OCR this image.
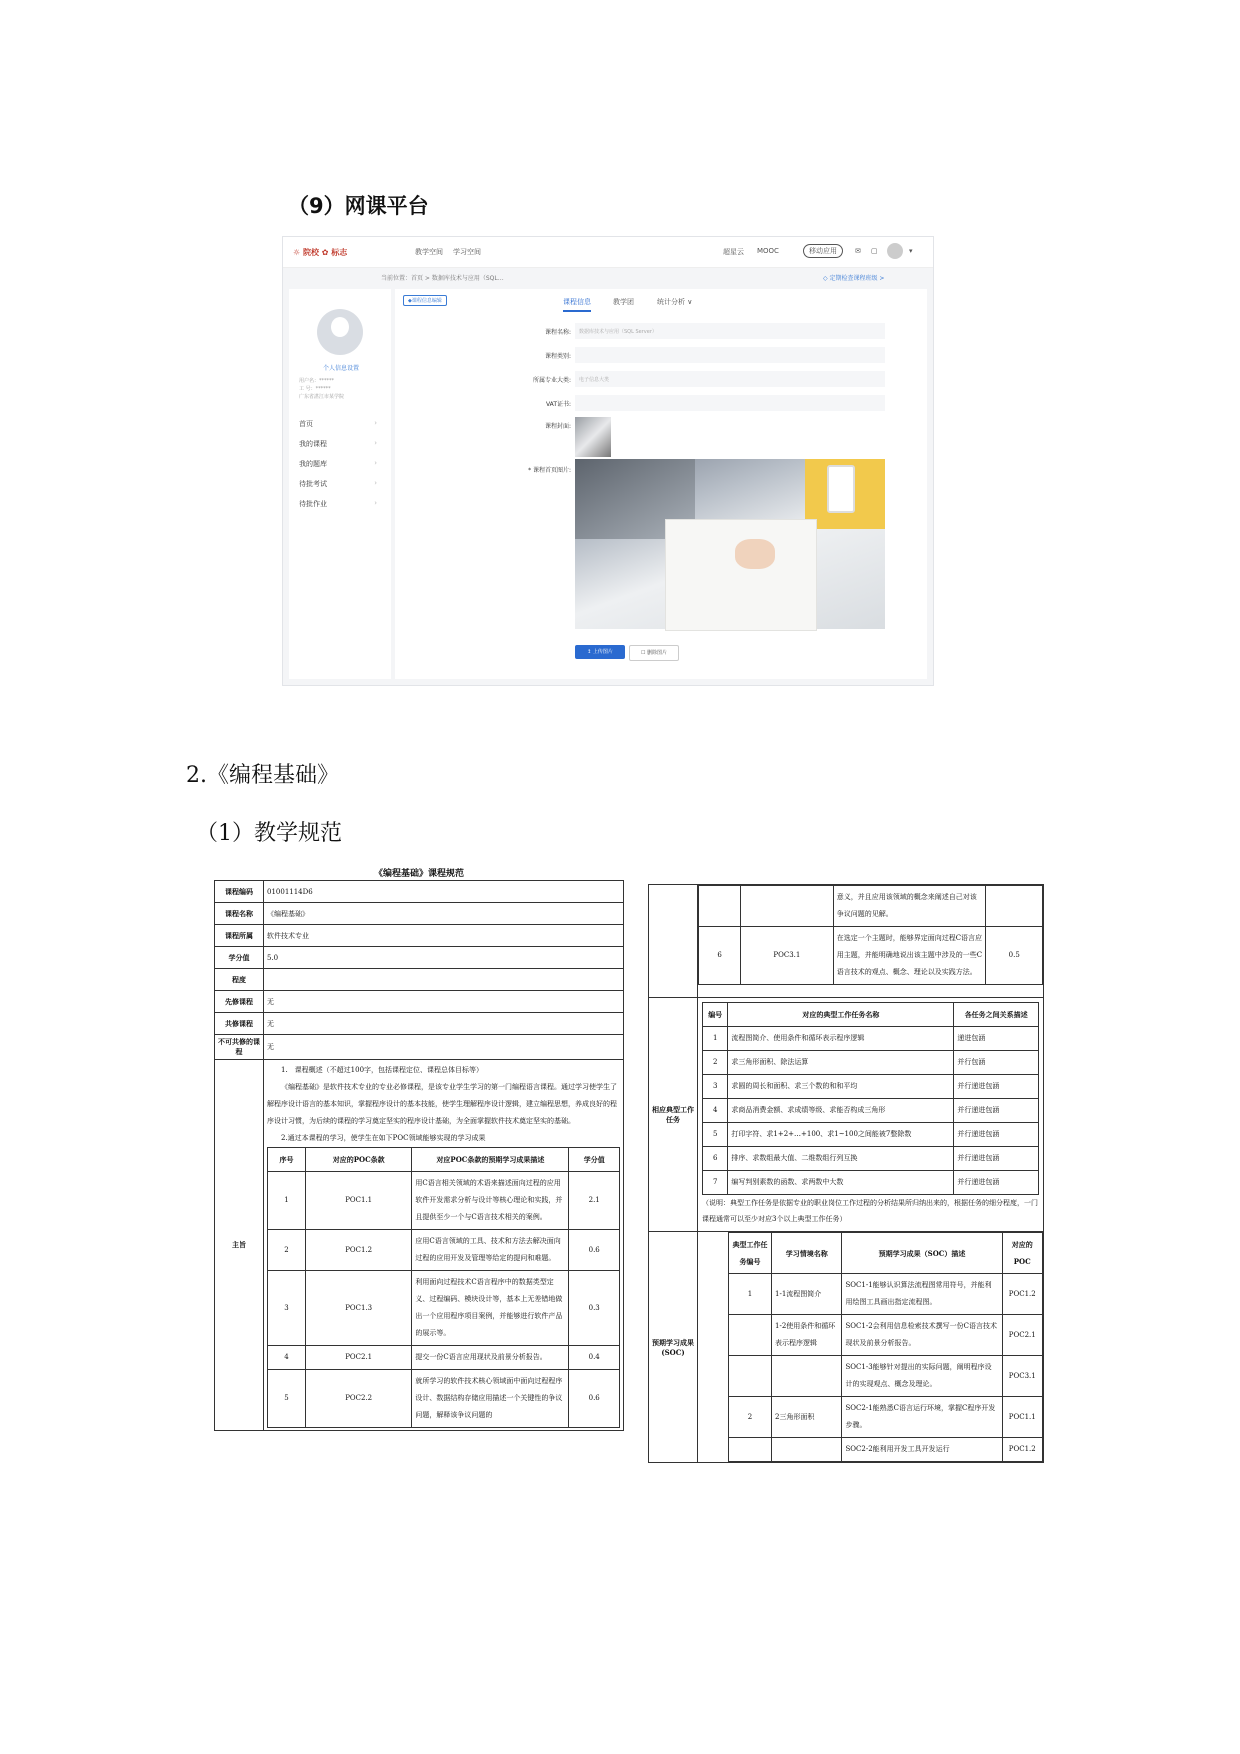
（9）网课平台
☼ 院校 ✿ 标志	教学空间 学习空间	超星云 MOOC	移动应用	✉ ▢	▾
当前位置：首页 > 数据库技术与应用（SQL…	◇ 定期检查课程班级 >
个人信息设置
用户名：******
工 号：******
广东省湛江市某学院
首页	›
我的课程	›
我的题库	›
待批考试	›
待批作业	›
◆课程信息编辑	课程信息	教学团	统计分析 ∨
课程名称: 数据库技术与应用（SQL Server）
课程类别:
所属专业大类: 电子信息大类
VAT证书:
课程封面:
* 课程首页图片:
↥ 上传图片	☐ 删除图片
2.《编程基础》
（1）教学规范
《编程基础》课程规范
课程编码	01001114D6
课程名称	《编程基础》
课程所属	软件技术专业
学分值	5.0
程度	
先修课程	无
共修课程	无
不可共修的课程	无
主旨	
1.　课程概述（不超过100字，包括课程定位、课程总体目标等）
《编程基础》是软件技术专业的专业必修课程，是该专业学生学习的第一门编程语言课程。通过学习使学生了解程序设计语言的基本知识，掌握程序设计的基本技能，使学生理解程序设计逻辑，建立编程思想，养成良好的程序设计习惯，为后续的课程的学习奠定坚实的程序设计基础，为全面掌握软件技术奠定坚实的基础。
2.通过本课程的学习，使学生在如下POC领域能够实现的学习成果
序号	对应的POC条款	对应POC条款的预期学习成果描述	学分值
1	POC1.1	用C语言相关领域的术语来描述面向过程的应用软件开发需求分析与设计等核心理论和实践，并且提供至少一个与C语言技术相关的案例。	2.1
2	POC1.2	应用C语言领域的工具、技术和方法去解决面向过程的应用开发及管理等给定的提问和难题。	0.6
3	POC1.3	利用面向过程技术C语言程序中的数据类型定义、过程编码、模块设计等，基本上无差错地做出一个应用程序项目案例，并能够进行软件产品的展示等。	0.3
4	POC2.1	提交一份C语言应用现状及前景分析报告。	0.4
5	POC2.2	就所学习的软件技术核心领域面中面向过程程序设计、数据结构存储应用描述一个关键性的争议问题，解释该争议问题的	0.6

		意义，并且应用该领域的概念来阐述自己对该争议问题的见解。	
6	POC3.1	在选定一个主题时，能够界定面向过程C语言应用主题，并能明确地说出该主题中涉及的一些C语言技术的观点、概念、理论以及实践方法。	0.5

相应典型工作任务	
编号	对应的典型工作任务名称	各任务之间关系描述
1	流程图简介、使用条件和循环表示程序逻辑	递进包涵
2	求三角形面积、除法运算	并行包涵
3	求圆的周长和面积、求三个数的和和平均	并行递进包涵
4	求商品消费金额、求成绩等级、求能否构成三角形	并行递进包涵
5	打印字符、求1+2+…+100、求1~100之间能被7整除数	并行递进包涵
6	排序、求数组最大值、二维数组行列互换	并行递进包涵
7	编写判别素数的函数、求两数中大数	并行递进包涵
（说明：典型工作任务是依据专业的职业岗位工作过程的分析结果所归纳出来的，根据任务的细分程度，一门课程通常可以至少对应3个以上典型工作任务）

预期学习成果(SOC)	
典型工作任务编号	学习情境名称	预期学习成果（SOC）描述	对应的POC
1	1-1流程图简介	SOC1-1能够认识算法流程图常用符号，并能利用绘图工具画出指定流程图。	POC1.2
	1-2使用条件和循环表示程序逻辑	SOC1-2会利用信息检索技术撰写一份C语言技术现状及前景分析报告。	POC2.1
		SOC1-3能够针对提出的实际问题，阐明程序设计的实现观点、概念及理论。	POC3.1
2	2三角形面积	SOC2-1能熟悉C语言运行环境，掌握C程序开发步骤。	POC1.1
		SOC2-2能利用开发工具开发运行	POC1.2
